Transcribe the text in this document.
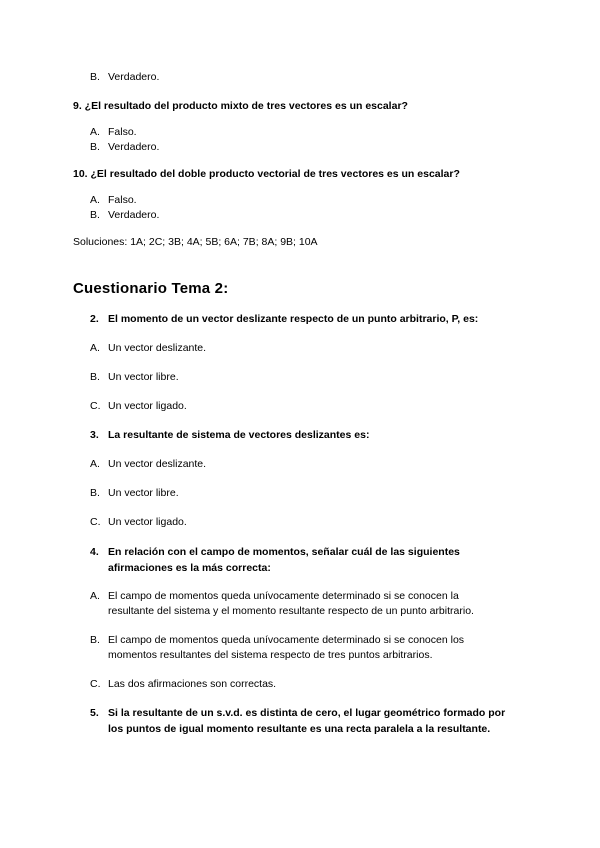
B. Verdadero.
9. ¿El resultado del producto mixto de tres vectores es un escalar?
A. Falso.
B. Verdadero.
10. ¿El resultado del doble producto vectorial de tres vectores es un escalar?
A. Falso.
B. Verdadero.
Soluciones: 1A; 2C; 3B; 4A; 5B; 6A; 7B; 8A; 9B; 10A
Cuestionario Tema 2:
2. El momento de un vector deslizante respecto de un punto arbitrario, P, es:
A. Un vector deslizante.
B. Un vector libre.
C. Un vector ligado.
3. La resultante de sistema de vectores deslizantes es:
A. Un vector deslizante.
B. Un vector libre.
C. Un vector ligado.
4. En relación con el campo de momentos, señalar cuál de las siguientes afirmaciones es la más correcta:
A. El campo de momentos queda unívocamente determinado si se conocen la
resultante del sistema y el momento resultante respecto de un punto arbitrario.
B. El campo de momentos queda unívocamente determinado si se conocen los
momentos resultantes del sistema respecto de tres puntos arbitrarios.
C. Las dos afirmaciones son correctas.
5. Si la resultante de un s.v.d. es distinta de cero, el lugar geométrico formado por los puntos de igual momento resultante es una recta paralela a la resultante.
